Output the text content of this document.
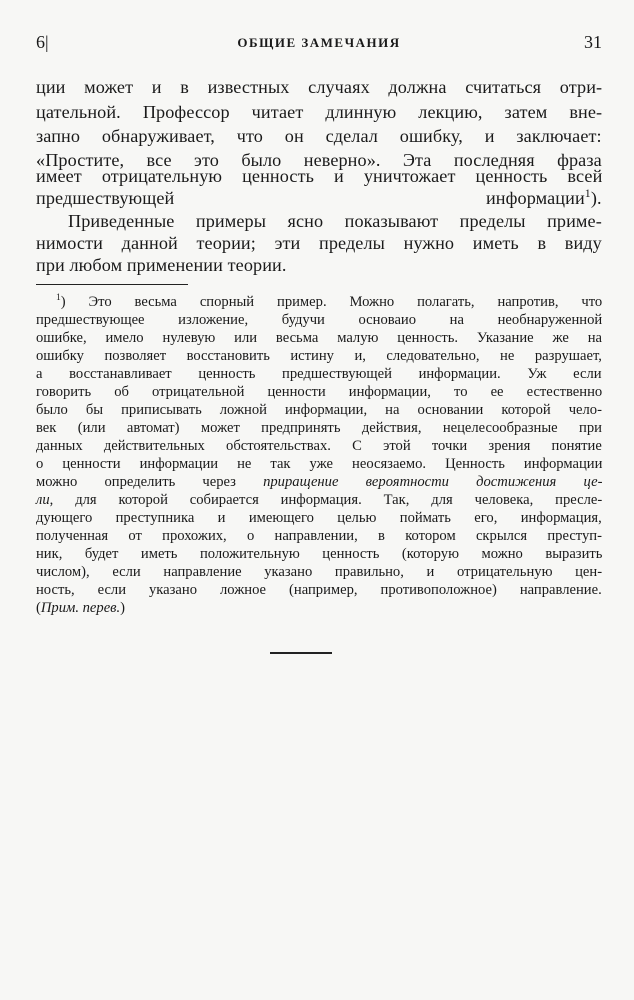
6|	ОБЩИЕ ЗАМЕЧАНИЯ	31
ции может и в известных случаях должна считаться отри-
цательной. Профессор читает длинную лекцию, затем вне-
запно обнаруживает, что он сделал ошибку, и заключает:
«Простите, все это было неверно». Эта последняя фраза
имеет отрицательную ценность и уничтожает ценность всей
предшествующей информации$^1$).
Приведенные примеры ясно показывают пределы приме-
нимости данной теории; эти пределы нужно иметь в виду
при любом применении теории.
$^1$) Это весьма спорный пример. Можно полагать, напротив, что
предшествующее изложение, будучи основаио на необнаруженной
ошибке, имело нулевую или весьма малую ценность. Указание же на
ошибку позволяет восстановить истину и, следовательно, не разрушает,
а восстанавливает ценность предшествующей информации. Уж если
говорить об отрицательной ценности информации, то ее естественно
было бы приписывать ложной информации, на основании которой чело-
век (или автомат) может предпринять действия, нецелесообразные при
данных действительных обстоятельствах. С этой точки зрения понятие
о ценности информации не так уже неосязаемо. Ценность информации
можно определить через приращение вероятности достижения це-
ли, для которой собирается информация. Так, для человека, пресле-
дующего преступника и имеющего целью поймать его, информация,
полученная от прохожих, о направлении, в котором скрылся преступ-
ник, будет иметь положительную ценность (которую можно выразить
числом), если направление указано правильно, и отрицательную цен-
ность, если указано ложное (например, противоположное) направление.
(Прим. перев.)
